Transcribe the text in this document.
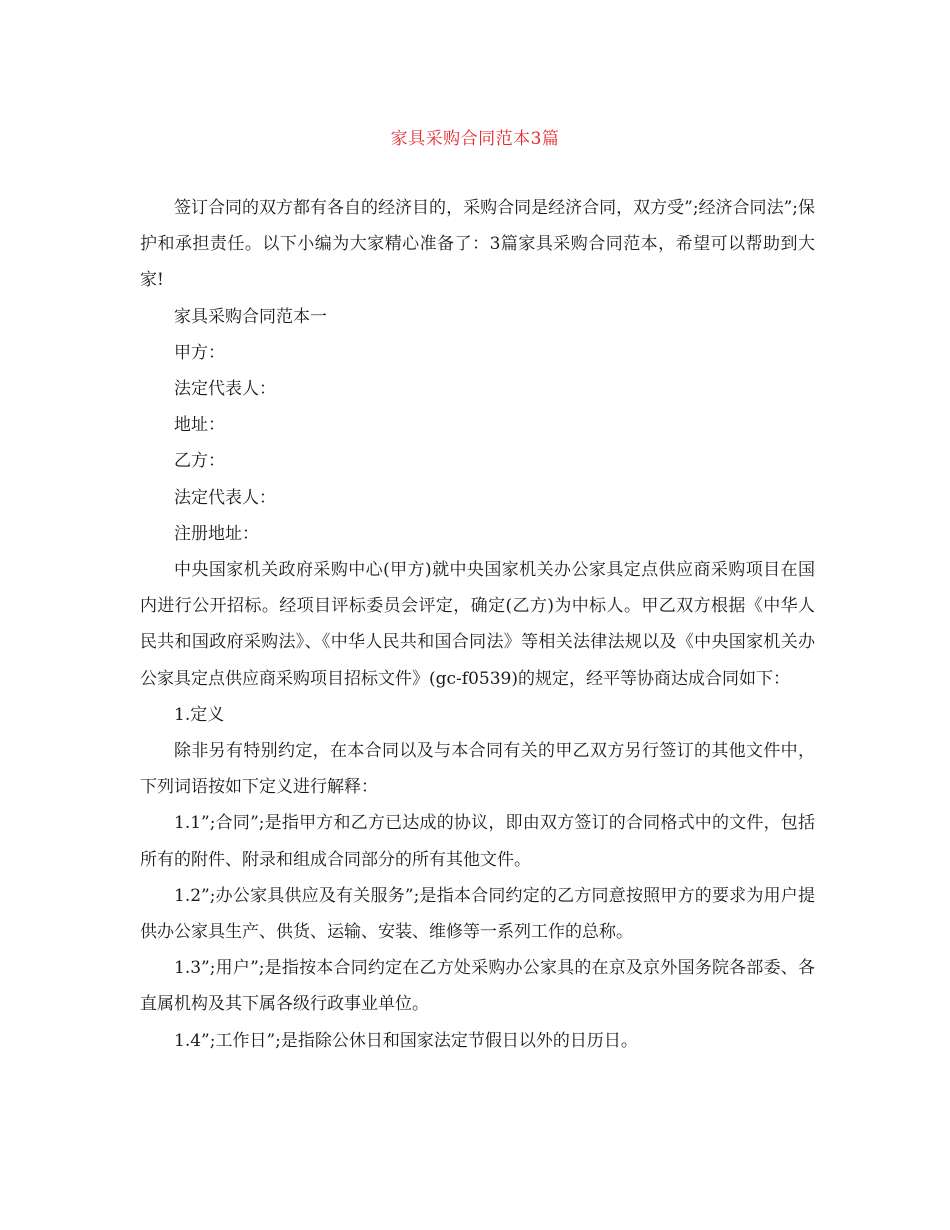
家具采购合同范本3篇

签订合同的双方都有各自的经济目的，采购合同是经济合同，双方受”;经济合同法”;保护和承担责任。以下小编为大家精心准备了：3篇家具采购合同范本，希望可以帮助到大家!

家具采购合同范本一

甲方：

法定代表人：

地址：

乙方：

法定代表人：

注册地址：

中央国家机关政府采购中心(甲方)就中央国家机关办公家具定点供应商采购项目在国内进行公开招标。经项目评标委员会评定，确定(乙方)为中标人。甲乙双方根据《中华人民共和国政府采购法》、《中华人民共和国合同法》等相关法律法规以及《中央国家机关办公家具定点供应商采购项目招标文件》(gc-f0539)的规定，经平等协商达成合同如下：

1.定义

除非另有特别约定，在本合同以及与本合同有关的甲乙双方另行签订的其他文件中，下列词语按如下定义进行解释：

1.1”;合同”;是指甲方和乙方已达成的协议，即由双方签订的合同格式中的文件，包括所有的附件、附录和组成合同部分的所有其他文件。

1.2”;办公家具供应及有关服务”;是指本合同约定的乙方同意按照甲方的要求为用户提供办公家具生产、供货、运输、安装、维修等一系列工作的总称。

1.3”;用户”;是指按本合同约定在乙方处采购办公家具的在京及京外国务院各部委、各直属机构及其下属各级行政事业单位。

1.4”;工作日”;是指除公休日和国家法定节假日以外的日历日。
